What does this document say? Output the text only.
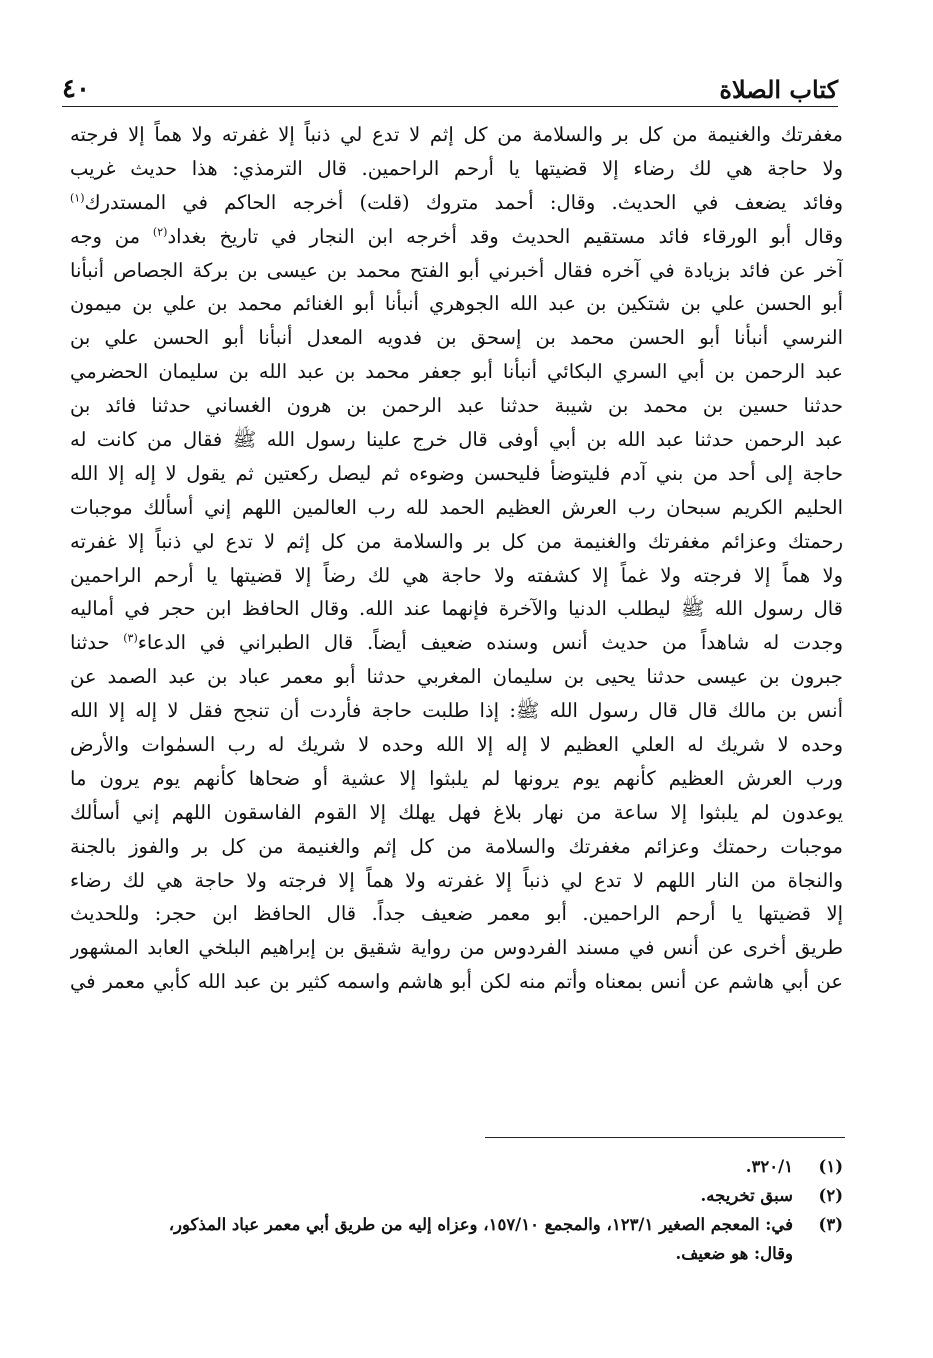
كتاب الصلاة
٤٠
مغفرتك والغنيمة من كل بر والسلامة من كل إثم لا تدع لي ذنباً إلا غفرته ولا هماً إلا فرجته
ولا حاجة هي لك رضاء إلا قضيتها يا أرحم الراحمين. قال الترمذي: هذا حديث غريب
وفائد يضعف في الحديث. وقال: أحمد متروك (قلت) أخرجه الحاكم في المستدرك$^{(١)}$
وقال أبو الورقاء فائد مستقيم الحديث وقد أخرجه ابن النجار في تاريخ بغداد$^{(٢)}$ من وجه
آخر عن فائد بزيادة في آخره فقال أخبرني أبو الفتح محمد بن عيسى بن بركة الجصاص أنبأنا
أبو الحسن علي بن شتكين بن عبد الله الجوهري أنبأنا أبو الغنائم محمد بن علي بن ميمون
النرسي أنبأنا أبو الحسن محمد بن إسحق بن فدويه المعدل أنبأنا أبو الحسن علي بن
عبد الرحمن بن أبي السري البكائي أنبأنا أبو جعفر محمد بن عبد الله بن سليمان الحضرمي
حدثنا حسين بن محمد بن شيبة حدثنا عبد الرحمن بن هرون الغساني حدثنا فائد بن
عبد الرحمن حدثنا عبد الله بن أبي أوفى قال خرج علينا رسول الله ﷺ فقال من كانت له
حاجة إلى أحد من بني آدم فليتوضأ فليحسن وضوءه ثم ليصل ركعتين ثم يقول لا إله إلا الله
الحليم الكريم سبحان رب العرش العظيم الحمد لله رب العالمين اللهم إني أسألك موجبات
رحمتك وعزائم مغفرتك والغنيمة من كل بر والسلامة من كل إثم لا تدع لي ذنباً إلا غفرته
ولا هماً إلا فرجته ولا غماً إلا كشفته ولا حاجة هي لك رضاً إلا قضيتها يا أرحم الراحمين
قال رسول الله ﷺ ليطلب الدنيا والآخرة فإنهما عند الله. وقال الحافظ ابن حجر في أماليه
وجدت له شاهداً من حديث أنس وسنده ضعيف أيضاً. قال الطبراني في الدعاء$^{(٣)}$ حدثنا
جبرون بن عيسى حدثنا يحيى بن سليمان المغربي حدثنا أبو معمر عباد بن عبد الصمد عن
أنس بن مالك قال قال رسول الله ﷺ: إذا طلبت حاجة فأردت أن تنجح فقل لا إله إلا الله
وحده لا شريك له العلي العظيم لا إله إلا الله وحده لا شريك له رب السمٰوات والأرض
ورب العرش العظيم كأنهم يوم يرونها لم يلبثوا إلا عشية أو ضحاها كأنهم يوم يرون ما
يوعدون لم يلبثوا إلا ساعة من نهار بلاغ فهل يهلك إلا القوم الفاسقون اللهم إني أسألك
موجبات رحمتك وعزائم مغفرتك والسلامة من كل إثم والغنيمة من كل بر والفوز بالجنة
والنجاة من النار اللهم لا تدع لي ذنباً إلا غفرته ولا هماً إلا فرجته ولا حاجة هي لك رضاء
إلا قضيتها يا أرحم الراحمين. أبو معمر ضعيف جداً. قال الحافظ ابن حجر: وللحديث
طريق أخرى عن أنس في مسند الفردوس من رواية شقيق بن إبراهيم البلخي العابد المشهور
عن أبي هاشم عن أنس بمعناه وأتم منه لكن أبو هاشم واسمه كثير بن عبد الله كأبي معمر في
(١)
٣٢٠/١.
(٢)
سبق تخريجه.
(٣)
في: المعجم الصغير ١٢٣/١، والمجمع ١٥٧/١٠، وعزاه إليه من طريق أبي معمر عباد المذكور،
وقال: هو ضعيف.
